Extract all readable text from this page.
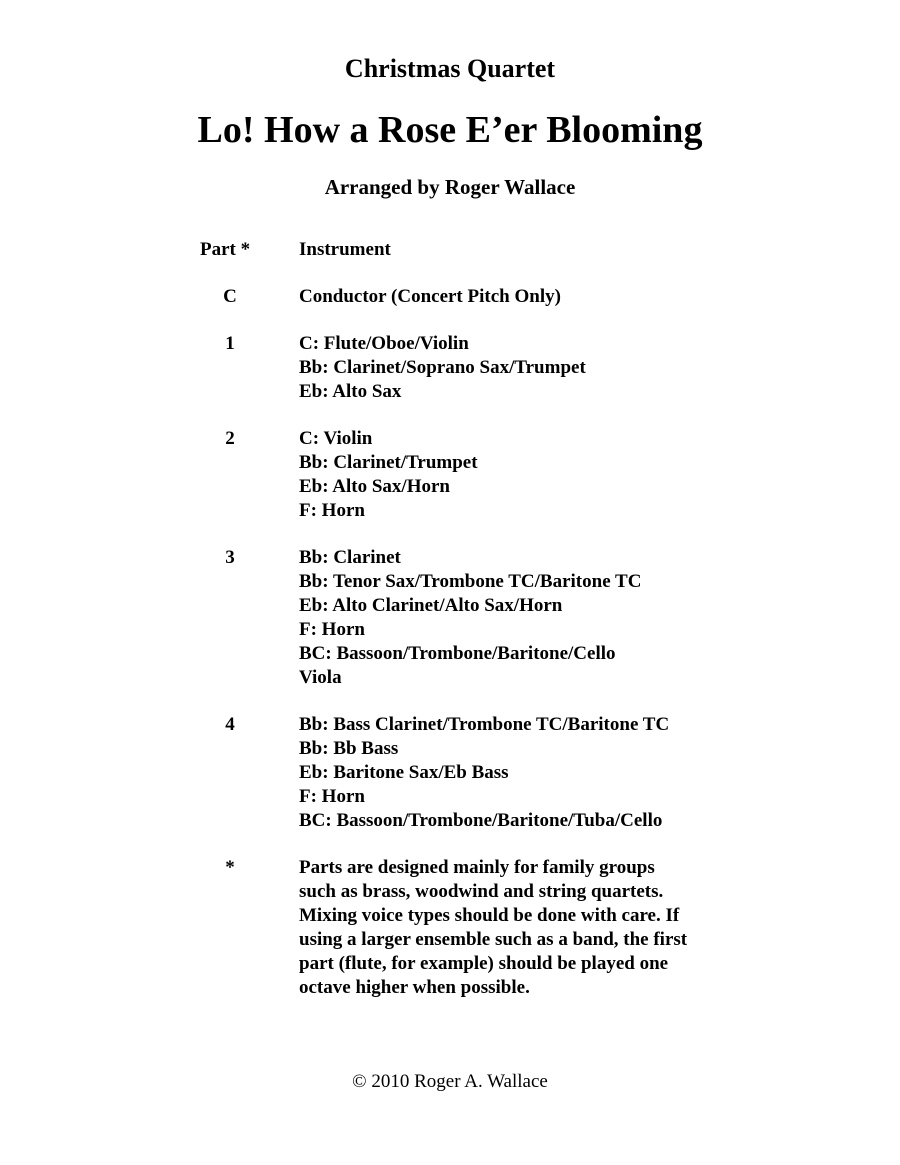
Christmas Quartet
Lo! How a Rose E’er Blooming
Arranged by Roger Wallace
Part *	Instrument
C	Conductor (Concert Pitch Only)
1	C: Flute/Oboe/Violin
Bb: Clarinet/Soprano Sax/Trumpet
Eb: Alto Sax
2	C: Violin
Bb: Clarinet/Trumpet
Eb: Alto Sax/Horn
F: Horn
3	Bb: Clarinet
Bb: Tenor Sax/Trombone TC/Baritone TC
Eb: Alto Clarinet/Alto Sax/Horn
F: Horn
BC: Bassoon/Trombone/Baritone/Cello
Viola
4	Bb: Bass Clarinet/Trombone TC/Baritone TC
Bb: Bb Bass
Eb: Baritone Sax/Eb Bass
F: Horn
BC: Bassoon/Trombone/Baritone/Tuba/Cello
*	Parts are designed mainly for family groups
such as brass, woodwind and string quartets.
Mixing voice types should be done with care. If
using a larger ensemble such as a band, the first
part (flute, for example) should be played one
octave higher when possible.
© 2010 Roger A. Wallace
